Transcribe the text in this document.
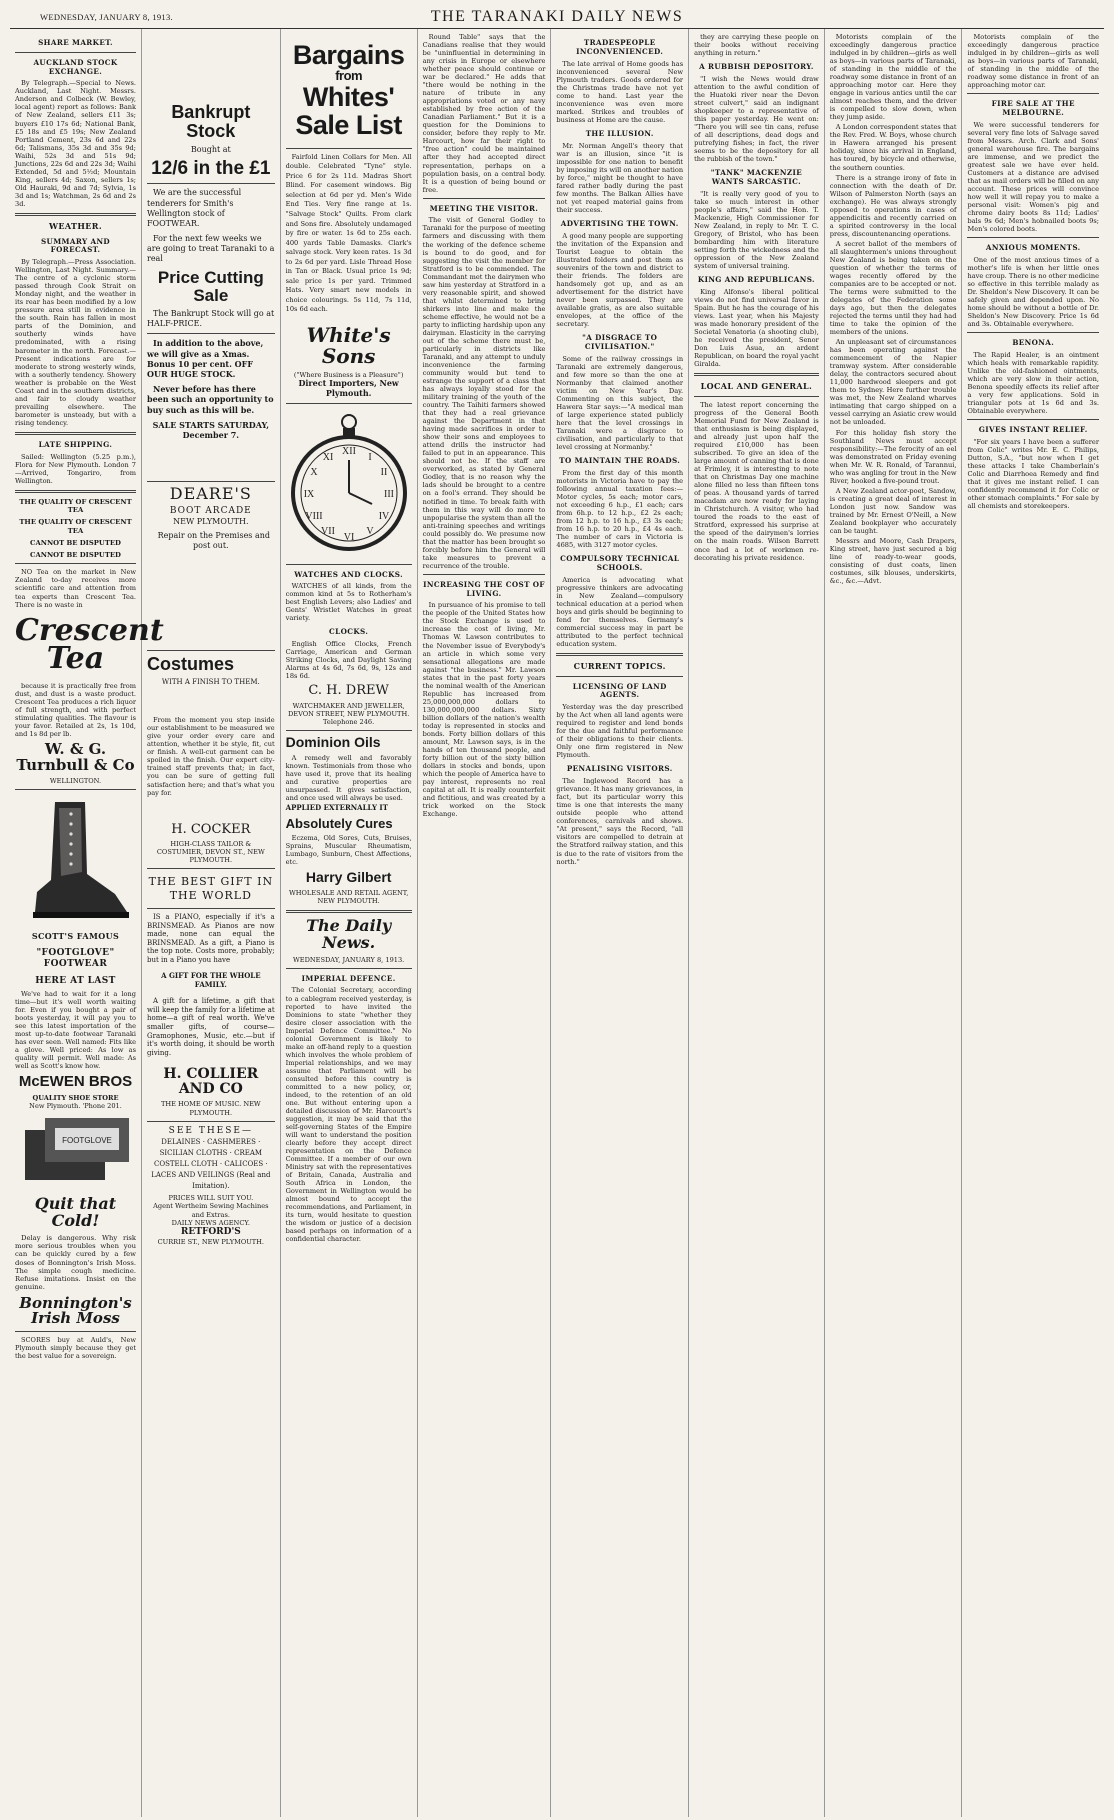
WEDNESDAY, JANUARY 8, 1913.	THE TARANAKI DAILY NEWS
SHARE MARKET.
AUCKLAND STOCK EXCHANGE.

By Telegraph.—Special to News. Auckland, Last Night. Messrs. Anderson and Colbeck (W. Bewley, local agent) report as follows: Bank of New Zealand, sellers £11 3s; buyers £10 17s 6d; National Bank, £5 18s and £5 19s; New Zealand Portland Cement, 23s 6d and 22s 6d; Talismans, 35s 3d and 35s 9d; Waihi, 52s 3d and 51s 9d; Junctions, 22s 6d and 22s 3d; Waihi Extended, 5d and 5½d; Mountain King, sellers 4d; Saxon, sellers 1s; Old Hauraki, 9d and 7d; Sylvia, 1s 3d and 1s; Watchman, 2s 6d and 2s 3d.

WEATHER.
SUMMARY AND FORECAST.

By Telegraph.—Press Association. Wellington, Last Night. Summary.—The centre of a cyclonic storm passed through Cook Strait on Monday night, and the weather in its rear has been modified by a low pressure area still in evidence in the south. Rain has fallen in most parts of the Dominion, and southerly winds have predominated, with a rising barometer in the north. Forecast.—Present indications are for moderate to strong westerly winds, with a southerly tendency. Showery weather is probable on the West Coast and in the southern districts, and fair to cloudy weather prevailing elsewhere. The barometer is unsteady, but with a rising tendency.

LATE SHIPPING.

Sailed: Wellington (5.25 p.m.), Flora for New Plymouth. London 7—Arrived, Tongariro, from Wellington.

THE QUALITY OF CRESCENT TEA
THE QUALITY OF CRESCENT TEA
CANNOT BE DISPUTED
CANNOT BE DISPUTED

NO Tea on the market in New Zealand to-day receives more scientific care and attention from tea experts than Crescent Tea. There is no waste in

Crescent Tea

because it is practically free from dust, and dust is a waste product. Crescent Tea produces a rich liquor of full strength, and with perfect stimulating qualities. The flavour is your favor. Retailed at 2s, 1s 10d, and 1s 8d per lb.

W. & G. Turnbull & Co
WELLINGTON.
SCOTT'S FAMOUS
"FOOTGLOVE" FOOTWEAR
HERE AT LAST

We've had to wait for it a long time—but it's well worth waiting for. Even if you bought a pair of boots yesterday, it will pay you to see this latest importation of the most up-to-date footwear Taranaki has ever seen. Well named: Fits like a glove. Well priced: As low as quality will permit. Well made: As well as Scott's know how.

McEWEN BROS
QUALITY SHOE STORE
New Plymouth. 'Phone 201.
FOOTGLOVE
Quit that Cold!

Delay is dangerous. Why risk more serious troubles when you can be quickly cured by a few doses of Bonnington's Irish Moss. The simple cough medicine. Refuse imitations. Insist on the genuine.

Bonnington's Irish Moss

SCORES buy at Auld's, New Plymouth simply because they get the best value for a sovereign.

Bankrupt Stock
Bought at
12/6 in the £1

We are the successful tenderers for Smith's Wellington stock of FOOTWEAR.

For the next few weeks we are going to treat Taranaki to a real

Price Cutting Sale

The Bankrupt Stock will go at HALF-PRICE.

In addition to the above, we will give as a Xmas. Bonus 10 per cent. OFF OUR HUGE STOCK.

Never before has there been such an opportunity to buy such as this will be.

SALE STARTS SATURDAY, December 7.
DEARE'S
BOOT ARCADE
NEW PLYMOUTH.

Repair on the Premises and post out.

Costumes
WITH A FINISH TO THEM.

From the moment you step inside our establishment to be measured we give your order every care and attention, whether it be style, fit, cut or finish. A well-cut garment can be spoiled in the finish. Our expert city-trained staff prevents that; in fact, you can be sure of getting full satisfaction here; and that's what you pay for.

H. COCKER
HIGH-CLASS TAILOR & COSTUMIER, DEVON ST., NEW PLYMOUTH.
THE BEST GIFT IN THE WORLD

IS a PIANO, especially if it's a BRINSMEAD. As Pianos are now made, none can equal the BRINSMEAD. As a gift, a Piano is the top note. Costs more, probably; but in a Piano you have

A GIFT FOR THE WHOLE FAMILY.

A gift for a lifetime, a gift that will keep the family for a lifetime at home—a gift of real worth. We've smaller gifts, of course—Gramophones, Music, etc.—but if it's worth doing, it should be worth giving.

H. COLLIER AND CO

THE HOME OF MUSIC. NEW PLYMOUTH.

SEE THESE—

DELAINES · CASHMERES · SICILIAN CLOTHS · CREAM COSTELL CLOTH · CALICOES · LACES AND VEILINGS (Real and Imitation).

PRICES WILL SUIT YOU.
Agent Wertheim Sewing Machines and Extras.
DAILY NEWS AGENCY.
RETFORD'S
CURRIE ST., NEW PLYMOUTH.
Bargains
from
Whites'
Sale List

Fairfold Linen Collars for Men. All double. Celebrated "Tyne" style. Price 6 for 2s 11d. Madras Short Blind. For casement windows. Big selection at 6d per yd. Men's Wide End Ties. Very fine range at 1s. "Salvage Stock" Quilts. From clark and Sons fire. Absolutely undamaged by fire or water. 1s 6d to 25s each. 400 yards Table Damasks. Clark's salvage stock. Very keen rates. 1s 3d to 2s 6d per yard. Lisle Thread Hose in Tan or Black. Usual price 1s 9d; sale price 1s per yard. Trimmed Hats. Very smart new models in choice colourings. 5s 11d, 7s 11d, 10s 6d each.

White's Sons
("Where Business is a Pleasure")
Direct Importers, New Plymouth.
XII
III
VI
IX
I
II
IV
V
VII
VIII
X
XI
WATCHES AND CLOCKS.

WATCHES of all kinds, from the common kind at 5s to Rotherham's best English Levers; also Ladies' and Gents' Wristlet Watches in great variety.

CLOCKS.

English Office Clocks, French Carriage, American and German Striking Clocks, and Daylight Saving Alarms at 4s 6d, 7s 6d, 9s, 12s and 18s 6d.

C. H. DREW

WATCHMAKER AND JEWELLER, DEVON STREET, NEW PLYMOUTH. Telephone 246.

Dominion Oils

A remedy well and favorably known. Testimonials from those who have used it, prove that its healing and curative properties are unsurpassed. It gives satisfaction, and once used will always be used.

APPLIED EXTERNALLY IT
Absolutely Cures

Eczema, Old Sores, Cuts, Bruises, Sprains, Muscular Rheumatism, Lumbago, Sunburn, Chest Affections, etc.

Harry Gilbert

WHOLESALE AND RETAIL AGENT, NEW PLYMOUTH.

The Daily News.
WEDNESDAY, JANUARY 8, 1913.
IMPERIAL DEFENCE.

The Colonial Secretary, according to a cablegram received yesterday, is reported to have invited the Dominions to state "whether they desire closer association with the Imperial Defence Committee." No colonial Government is likely to make an off-hand reply to a question which involves the whole problem of Imperial relationships, and we may assume that Parliament will be consulted before this country is committed to a new policy, or, indeed, to the retention of an old one. But without entering upon a detailed discussion of Mr. Harcourt's suggestion, it may be said that the self-governing States of the Empire will want to understand the position clearly before they accept direct representation on the Defence Committee. If a member of our own Ministry sat with the representatives of Britain, Canada, Australia and South Africa in London, the Government in Wellington would be almost bound to accept the recommendations, and Parliament, in its turn, would hesitate to question the wisdom or justice of a decision based perhaps on information of a confidential character.

Round Table" says that the Canadians realise that they would be "uninfluential in determining in any crisis in Europe or elsewhere whether peace should continue or war be declared." He adds that "there would be nothing in the nature of tribute in any appropriations voted or any navy established by free action of the Canadian Parliament." But it is a question for the Dominions to consider, before they reply to Mr. Harcourt, how far their right to "free action" could be maintained after they had accepted direct representation, perhaps on a population basis, on a central body. It is a question of being bound or free.

MEETING THE VISITOR.

The visit of General Godley to Taranaki for the purpose of meeting farmers and discussing with them the working of the defence scheme is bound to do good, and for suggesting the visit the member for Stratford is to be commended. The Commandant met the dairymen who saw him yesterday at Stratford in a very reasonable spirit, and showed that whilst determined to bring shirkers into line and make the scheme effective, he would not be a party to inflicting hardship upon any dairyman. Elasticity in the carrying out of the scheme there must be, particularly in districts like Taranaki, and any attempt to unduly inconvenience the farming community would but tend to estrange the support of a class that has always loyally stood for the military training of the youth of the country. The Taihiti farmers showed that they had a real grievance against the Department in that having made sacrifices in order to show their sons and employees to attend drills the instructor had failed to put in an appearance. This should not be. If the staff are overworked, as stated by General Godley, that is no reason why the lads should be brought to a centre on a fool's errand. They should be notified in time. To break faith with them in this way will do more to unpopularise the system than all the anti-training speeches and writings could possibly do. We presume now that the matter has been brought so forcibly before him the General will take measures to prevent a recurrence of the trouble.

INCREASING THE COST OF LIVING.

In pursuance of his promise to tell the people of the United States how the Stock Exchange is used to increase the cost of living, Mr. Thomas W. Lawson contributes to the November issue of Everybody's an article in which some very sensational allegations are made against "the business." Mr. Lawson states that in the past forty years the nominal wealth of the American Republic has increased from 25,000,000,000 dollars to 130,000,000,000 dollars. Sixty billion dollars of the nation's wealth today is represented in stocks and bonds. Forty billion dollars of this amount, Mr. Lawson says, is in the hands of ten thousand people, and forty billion out of the sixty billion dollars in stocks and bonds, upon which the people of America have to pay interest, represents no real capital at all. It is really counterfeit and fictitious, and was created by a trick worked on the Stock Exchange.

TRADESPEOPLE INCONVENIENCED.

The late arrival of Home goods has inconvenienced several New Plymouth traders. Goods ordered for the Christmas trade have not yet come to hand. Last year the inconvenience was even more marked. Strikes and troubles of business at Home are the cause.

THE ILLUSION.

Mr. Norman Angell's theory that war is an illusion, since "it is impossible for one nation to benefit by imposing its will on another nation by force," might be thought to have fared rather badly during the past few months. The Balkan Allies have not yet reaped material gains from their success.

ADVERTISING THE TOWN.

A good many people are supporting the invitation of the Expansion and Tourist League to obtain the illustrated folders and post them as souvenirs of the town and district to their friends. The folders are handsomely got up, and as an advertisement for the district have never been surpassed. They are available gratis, as are also suitable envelopes, at the office of the secretary.

"A DISGRACE TO CIVILISATION."

Some of the railway crossings in Taranaki are extremely dangerous, and few more so than the one at Normanby that claimed another victim on New Year's Day. Commenting on this subject, the Hawera Star says:—"A medical man of large experience stated publicly here that the level crossings in Taranaki were a disgrace to civilisation, and particularly to that level crossing at Normanby."

TO MAINTAIN THE ROADS.

From the first day of this month motorists in Victoria have to pay the following annual taxation fees:—Motor cycles, 5s each; motor cars, not exceeding 6 h.p., £1 each; cars from 6h.p. to 12 h.p., £2 2s each; from 12 h.p. to 16 h.p., £3 3s each; from 16 h.p. to 20 h.p., £4 4s each. The number of cars in Victoria is 4685, with 3127 motor cycles.

COMPULSORY TECHNICAL SCHOOLS.

America is advocating what progressive thinkers are advocating in New Zealand—compulsory technical education at a period when boys and girls should be beginning to fend for themselves. Germany's commercial success may in part be attributed to the perfect technical education system.

CURRENT TOPICS.
LICENSING OF LAND AGENTS.

Yesterday was the day prescribed by the Act when all land agents were required to register and lend bonds for the due and faithful performance of their obligations to their clients. Only one firm registered in New Plymouth.

PENALISING VISITORS.

The Inglewood Record has a grievance. It has many grievances, in fact, but its particular worry this time is one that interests the many outside people who attend conferences, carnivals and shows. "At present," says the Record, "all visitors are compelled to detrain at the Stratford railway station, and this is due to the rate of visitors from the north."

they are carrying these people on their books without receiving anything in return."

A RUBBISH DEPOSITORY.

"I wish the News would draw attention to the awful condition of the Huatoki river near the Devon street culvert," said an indignant shopkeeper to a representative of this paper yesterday. He went on: "There you will see tin cans, refuse of all descriptions, dead dogs and putrefying fishes; in fact, the river seems to be the depository for all the rubbish of the town."

"TANK" MACKENZIE WANTS SARCASTIC.

"It is really very good of you to take so much interest in other people's affairs," said the Hon. T. Mackenzie, High Commissioner for New Zealand, in reply to Mr. T. C. Gregory, of Bristol, who has been bombarding him with literature setting forth the wickedness and the oppression of the New Zealand system of universal training.

KING AND REPUBLICANS.

King Alfonso's liberal political views do not find universal favor in Spain. But he has the courage of his views. Last year, when his Majesty was made honorary president of the Societal Venatoria (a shooting club), he received the president, Senor Don Luis Asua, an ardent Republican, on board the royal yacht Giralda.

LOCAL AND GENERAL.

The latest report concerning the progress of the General Booth Memorial Fund for New Zealand is that enthusiasm is being displayed, and already just upon half the required £10,000 has been subscribed. To give an idea of the large amount of canning that is done at Frimley, it is interesting to note that on Christmas Day one machine alone filled no less than fifteen tons of peas. A thousand yards of tarred macadam are now ready for laying in Christchurch. A visitor, who had toured the roads to the east of Stratford, expressed his surprise at the speed of the dairymen's lorries on the main roads. Wilson Barrett once had a lot of workmen re-decorating his private residence.

Motorists complain of the exceedingly dangerous practice indulged in by children—girls as well as boys—in various parts of Taranaki, of standing in the middle of the roadway some distance in front of an approaching motor car. Here they engage in various antics until the car almost reaches them, and the driver is compelled to slow down, when they jump aside.

A London correspondent states that the Rev. Fred. W. Boys, whose church in Hawera arranged his present holiday, since his arrival in England, has toured, by bicycle and otherwise, the southern counties.

There is a strange irony of fate in connection with the death of Dr. Wilson of Palmerston North (says an exchange). He was always strongly opposed to operations in cases of appendicitis and recently carried on a spirited controversy in the local press, discountenancing operations.

A secret ballot of the members of all slaughtermen's unions throughout New Zealand is being taken on the question of whether the terms of wages recently offered by the companies are to be accepted or not. The terms were submitted to the delegates of the Federation some days ago, but then the delegates rejected the terms until they had had time to take the opinion of the members of the unions.

An unpleasant set of circumstances has been operating against the commencement of the Napier tramway system. After considerable delay, the contractors secured about 11,000 hardwood sleepers and got them to Sydney. Here further trouble was met, the New Zealand wharves intimating that cargo shipped on a vessel carrying an Asiatic crew would not be unloaded.

For this holiday fish story the Southland News must accept responsibility:—The ferocity of an eel was demonstrated on Friday evening when Mr. W. R. Ronald, of Tarannui, who was angling for trout in the New River, hooked a five-pound trout.

A New Zealand actor-poet, Sandow, is creating a great deal of interest in London just now. Sandow was trained by Mr. Ernest O'Neill, a New Zealand bookplayer who accurately can be taught.

Messrs and Moore, Cash Drapers, King street, have just secured a big line of ready-to-wear goods, consisting of dust coats, linen costumes, silk blouses, underskirts, &c., &c.—Advt.

Motorists complain of the exceedingly dangerous practice indulged in by children—girls as well as boys—in various parts of Taranaki, of standing in the middle of the roadway some distance in front of an approaching motor car.

FIRE SALE AT THE MELBOURNE.

We were successful tenderers for several very fine lots of Salvage saved from Messrs. Arch. Clark and Sons' general warehouse fire. The bargains are immense, and we predict the greatest sale we have ever held. Customers at a distance are advised that as mail orders will be filled on any account. These prices will convince how well it will repay you to make a personal visit: Women's pig and chrome dairy boots 8s 11d; Ladies' bals 9s 6d; Men's hobnailed boots 9s; Men's colored boots.

ANXIOUS MOMENTS.

One of the most anxious times of a mother's life is when her little ones have croup. There is no other medicine so effective in this terrible malady as Dr. Sheldon's New Discovery. It can be safely given and depended upon. No home should be without a bottle of Dr. Sheldon's New Discovery. Price 1s 6d and 3s. Obtainable everywhere.

BENONA.

The Rapid Healer, is an ointment which heals with remarkable rapidity. Unlike the old-fashioned ointments, which are very slow in their action, Benona speedily effects its relief after a very few applications. Sold in triangular pots at 1s 6d and 3s. Obtainable everywhere.

GIVES INSTANT RELIEF.

"For six years I have been a sufferer from Colic" writes Mr. E. C. Philips, Dutton, S.A., "but now when I get these attacks I take Chamberlain's Colic and Diarrhoea Remedy and find that it gives me instant relief. I can confidently recommend it for Colic or other stomach complaints." For sale by all chemists and storekeepers.
